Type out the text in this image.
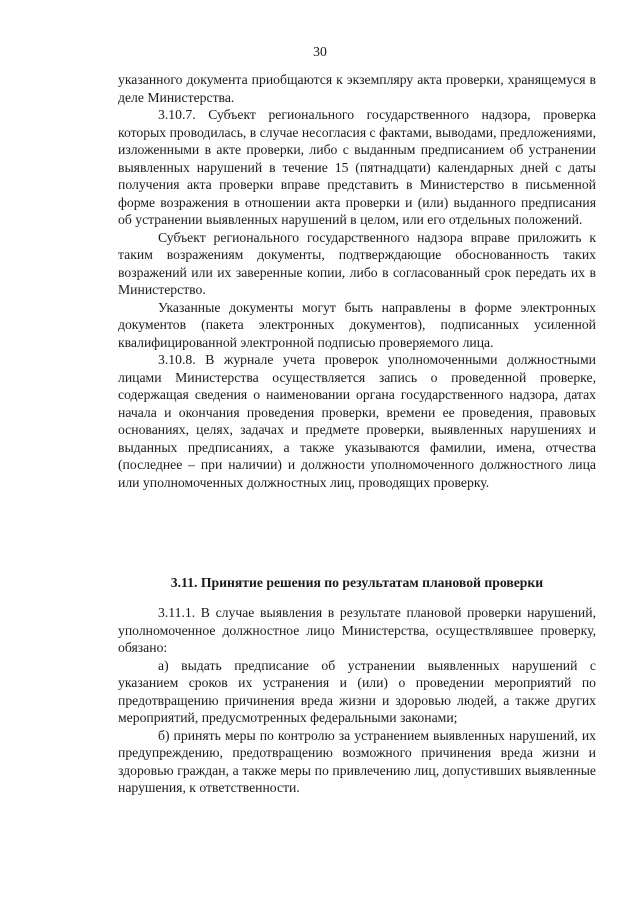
30

указанного документа приобщаются к экземпляру акта проверки, хранящемуся в деле Министерства.

3.10.7. Субъект регионального государственного надзора, проверка которых проводилась, в случае несогласия с фактами, выводами, предложениями, изложенными в акте проверки, либо с выданным предписанием об устранении выявленных нарушений в течение 15 (пятнадцати) календарных дней с даты получения акта проверки вправе представить в Министерство в письменной форме возражения в отношении акта проверки и (или) выданного предписания об устранении выявленных нарушений в целом, или его отдельных положений.

Субъект регионального государственного надзора вправе приложить к таким возражениям документы, подтверждающие обоснованность таких возражений или их заверенные копии, либо в согласованный срок передать их в Министерство.

Указанные документы могут быть направлены в форме электронных документов (пакета электронных документов), подписанных усиленной квалифицированной электронной подписью проверяемого лица.

3.10.8. В журнале учета проверок уполномоченными должностными лицами Министерства осуществляется запись о проведенной проверке, содержащая сведения о наименовании органа государственного надзора, датах начала и окончания проведения проверки, времени ее проведения, правовых основаниях, целях, задачах и предмете проверки, выявленных нарушениях и выданных предписаниях, а также указываются фамилии, имена, отчества (последнее – при наличии) и должности уполномоченного должностного лица или уполномоченных должностных лиц, проводящих проверку.

3.11. Принятие решения по результатам плановой проверки

3.11.1. В случае выявления в результате плановой проверки нарушений, уполномоченное должностное лицо Министерства, осуществлявшее проверку, обязано:

а) выдать предписание об устранении выявленных нарушений с указанием сроков их устранения и (или) о проведении мероприятий по предотвращению причинения вреда жизни и здоровью людей, а также других мероприятий, предусмотренных федеральными законами;

б) принять меры по контролю за устранением выявленных нарушений, их предупреждению, предотвращению возможного причинения вреда жизни и здоровью граждан, а также меры по привлечению лиц, допустивших выявленные нарушения, к ответственности.
